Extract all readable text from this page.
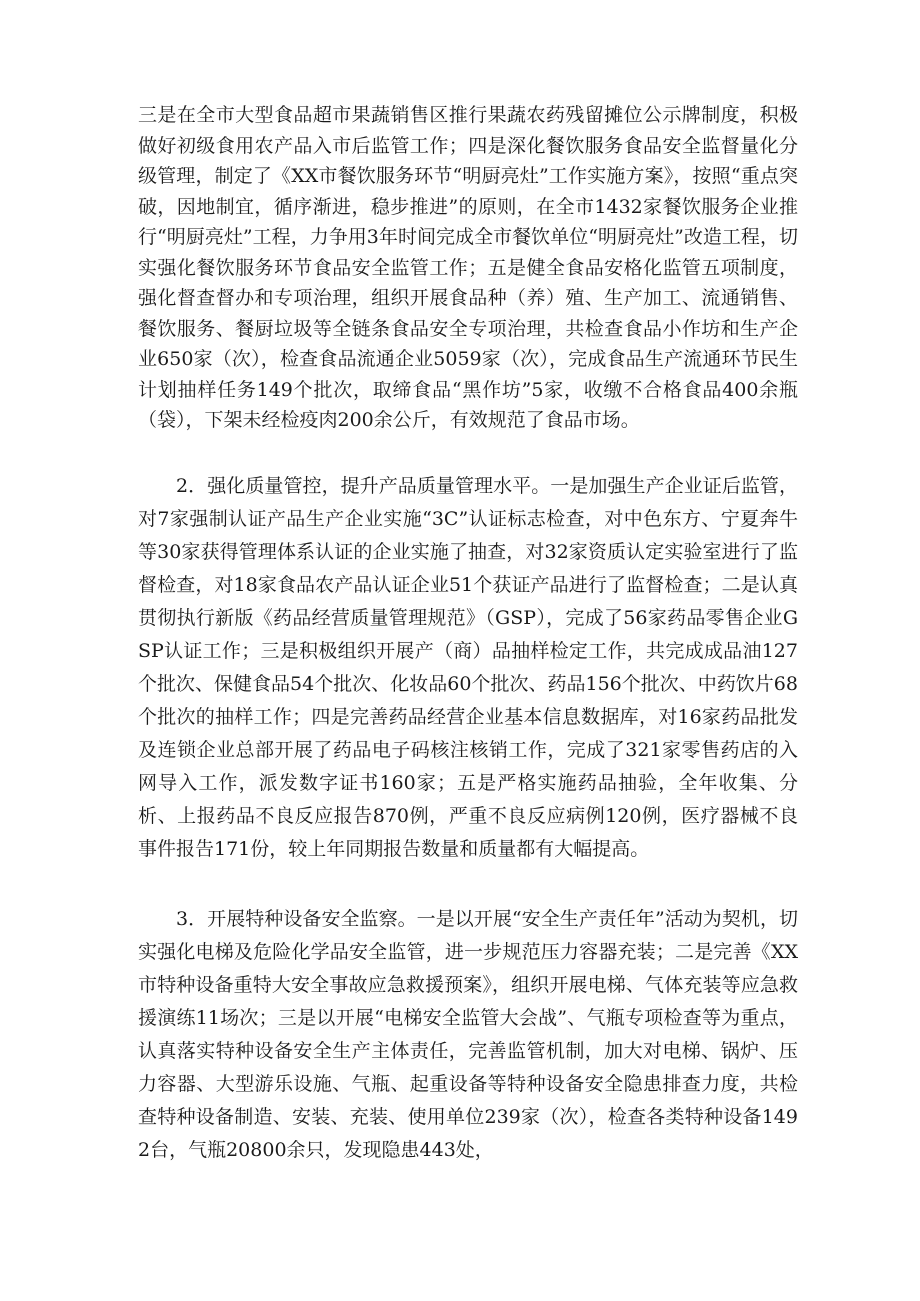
三是在全市大型食品超市果蔬销售区推行果蔬农药残留摊位公示牌制度，积极做好初级食用农产品入市后监管工作；四是深化餐饮服务食品安全监督量化分级管理，制定了《XX市餐饮服务环节“明厨亮灶”工作实施方案》，按照“重点突破，因地制宜，循序渐进，稳步推进”的原则，在全市1432家餐饮服务企业推行“明厨亮灶”工程，力争用3年时间完成全市餐饮单位“明厨亮灶”改造工程，切实强化餐饮服务环节食品安全监管工作；五是健全食品安格化监管五项制度，强化督查督办和专项治理，组织开展食品种（养）殖、生产加工、流通销售、餐饮服务、餐厨垃圾等全链条食品安全专项治理，共检查食品小作坊和生产企业650家（次），检查食品流通企业5059家（次），完成食品生产流通环节民生计划抽样任务149个批次，取缔食品“黑作坊”5家，收缴不合格食品400余瓶（袋），下架未经检疫肉200余公斤，有效规范了食品市场。

2．强化质量管控，提升产品质量管理水平。一是加强生产企业证后监管，对7家强制认证产品生产企业实施“3C”认证标志检查，对中色东方、宁夏奔牛等30家获得管理体系认证的企业实施了抽查，对32家资质认定实验室进行了监督检查，对18家食品农产品认证企业51个获证产品进行了监督检查；二是认真贯彻执行新版《药品经营质量管理规范》（GSP），完成了56家药品零售企业GSP认证工作；三是积极组织开展产（商）品抽样检定工作，共完成成品油127个批次、保健食品54个批次、化妆品60个批次、药品156个批次、中药饮片68个批次的抽样工作；四是完善药品经营企业基本信息数据库，对16家药品批发及连锁企业总部开展了药品电子码核注核销工作，完成了321家零售药店的入网导入工作，派发数字证书160家；五是严格实施药品抽验，全年收集、分析、上报药品不良反应报告870例，严重不良反应病例120例，医疗器械不良事件报告171份，较上年同期报告数量和质量都有大幅提高。

3．开展特种设备安全监察。一是以开展“安全生产责任年”活动为契机，切实强化电梯及危险化学品安全监管，进一步规范压力容器充装；二是完善《XX市特种设备重特大安全事故应急救援预案》，组织开展电梯、气体充装等应急救援演练11场次；三是以开展“电梯安全监管大会战”、气瓶专项检查等为重点，认真落实特种设备安全生产主体责任，完善监管机制，加大对电梯、锅炉、压力容器、大型游乐设施、气瓶、起重设备等特种设备安全隐患排查力度，共检查特种设备制造、安装、充装、使用单位239家（次），检查各类特种设备1492台，气瓶20800余只，发现隐患443处，
